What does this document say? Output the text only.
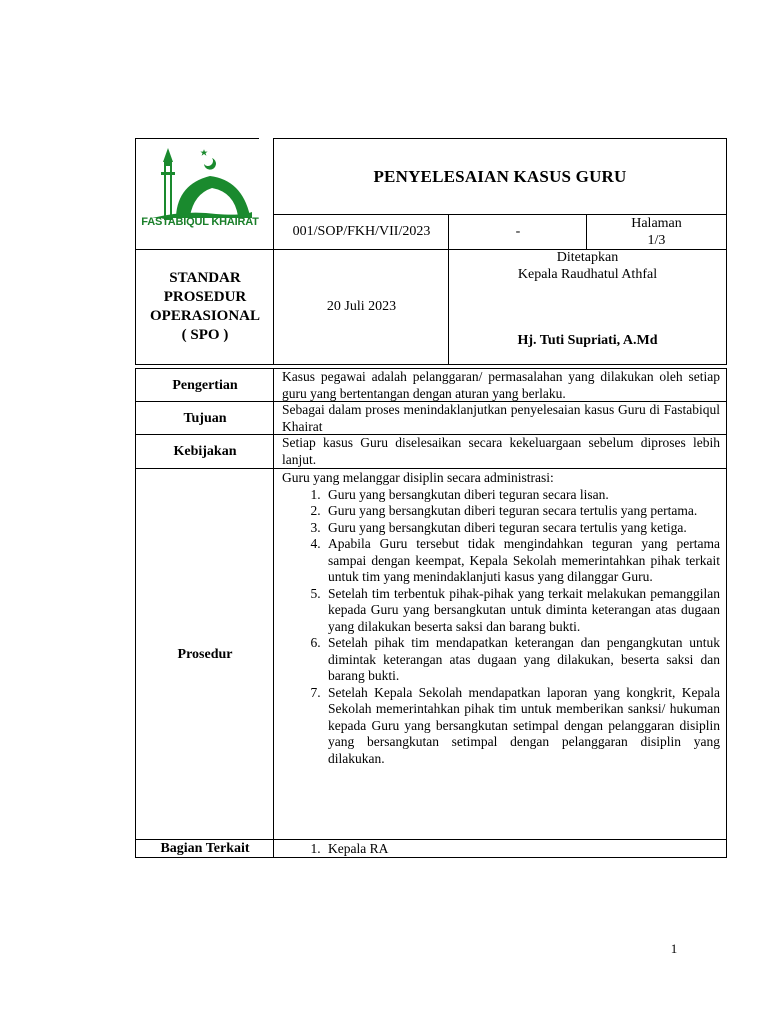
FASTABIQUL KHAIRAT
PENYELESAIAN KASUS GURU
001/SOP/FKH/VII/2023	-
Halaman
1/3
STANDAR
PROSEDUR
OPERASIONAL
( SPO )
20 Juli 2023
Ditetapkan
Kepala Raudhatul Athfal
Hj. Tuti Supriati, A.Md
Pengertian
Kasus pegawai adalah pelanggaran/ permasalahan yang dilakukan oleh setiap guru yang bertentangan dengan aturan yang berlaku.
Tujuan
Sebagai dalam proses menindaklanjutkan penyelesaian kasus Guru di Fastabiqul Khairat
Kebijakan
Setiap kasus Guru diselesaikan secara kekeluargaan sebelum diproses lebih lanjut.
Prosedur
Guru yang melanggar disiplin secara administrasi:
1. Guru yang bersangkutan diberi teguran secara lisan.
2. Guru yang bersangkutan diberi teguran secara tertulis yang pertama.
3. Guru yang bersangkutan diberi teguran secara tertulis yang ketiga.
4. Apabila Guru tersebut tidak mengindahkan teguran yang pertama sampai dengan keempat, Kepala Sekolah memerintahkan pihak terkait untuk tim yang menindaklanjuti kasus yang dilanggar Guru.
5. Setelah tim terbentuk pihak-pihak yang terkait melakukan pemanggilan kepada Guru yang bersangkutan untuk diminta keterangan atas dugaan yang dilakukan beserta saksi dan barang bukti.
6. Setelah pihak tim mendapatkan keterangan dan pengangkutan untuk dimintak keterangan atas dugaan yang dilakukan, beserta saksi dan barang bukti.
7. Setelah Kepala Sekolah mendapatkan laporan yang kongkrit, Kepala Sekolah memerintahkan pihak tim untuk memberikan sanksi/ hukuman kepada Guru yang bersangkutan setimpal dengan pelanggaran disiplin yang bersangkutan setimpal dengan pelanggaran disiplin yang dilakukan.
Bagian Terkait
1.	Kepala RA
1
